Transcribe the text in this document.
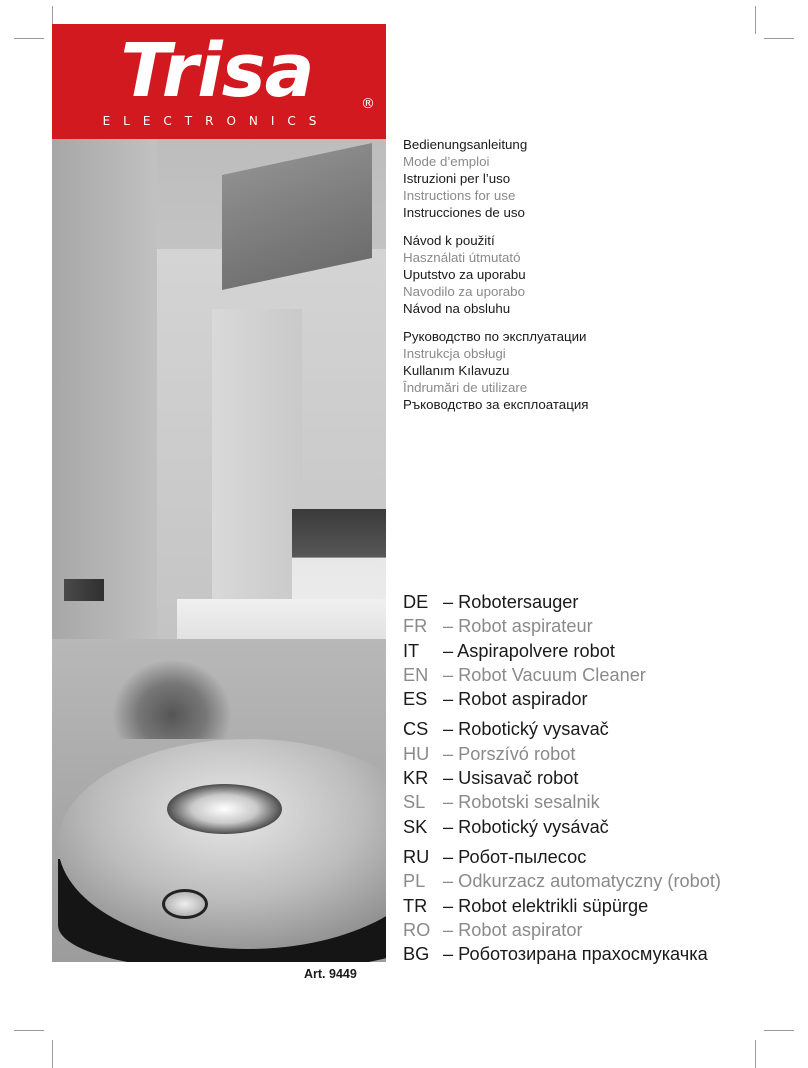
Trisa	®
ELECTRONICS
Bedienungsanleitung
Mode d’emploi
Istruzioni per l’uso
Instructions for use
Instrucciones de uso
Návod k použití
Használati útmutató
Uputstvo za uporabu
Navodilo za uporabo
Návod na obsluhu
Руководство по эксплуатации
Instrukcja obsługi
Kullanım Kılavuzu
Îndrumări de utilizare
Ръководство за експлоатация
DE – Robotersauger
FR – Robot aspirateur
IT – Aspirapolvere robot
EN – Robot Vacuum Cleaner
ES – Robot aspirador
CS – Robotický vysavač
HU – Porszívó robot
KR – Usisavač robot
SL – Robotski sesalnik
SK – Robotický vysávač
RU – Робот-пылесос
PL – Odkurzacz automatyczny (robot)
TR – Robot elektrikli süpürge
RO – Robot aspirator
BG – Роботозирана прахосмукачка
Art. 9449
